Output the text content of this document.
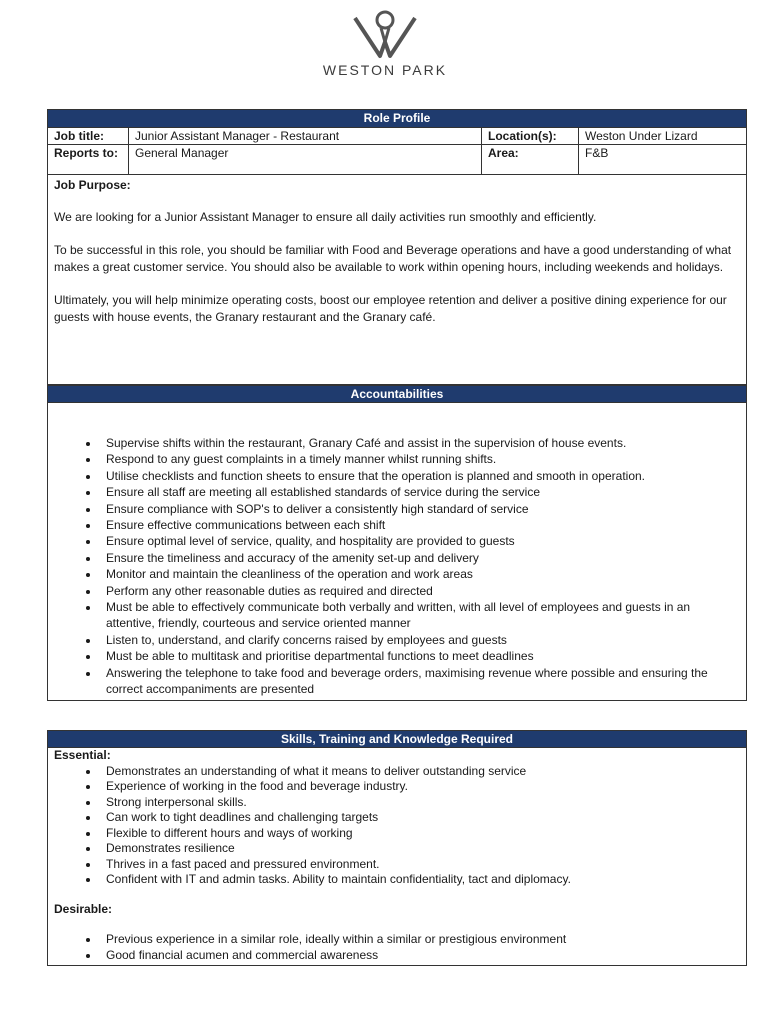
WESTON PARK
Role Profile			
Job title:	Junior Assistant Manager - Restaurant	Location(s):	Weston Under Lizard
Reports to:	General Manager	Area:	F&B

Job Purpose:

We are looking for a Junior Assistant Manager to ensure all daily activities run smoothly and efficiently.

To be successful in this role, you should be familiar with Food and Beverage operations and have a good understanding of what makes a great customer service. You should also be available to work within opening hours, including weekends and holidays.

Ultimately, you will help minimize operating costs, boost our employee retention and deliver a positive dining experience for our guests with house events, the Granary restaurant and the Granary café.			

Accountabilities

• Supervise shifts within the restaurant, Granary Café and assist in the supervision of house events.
• Respond to any guest complaints in a timely manner whilst running shifts.
• Utilise checklists and function sheets to ensure that the operation is planned and smooth in operation.
• Ensure all staff are meeting all established standards of service during the service
• Ensure compliance with SOP's to deliver a consistently high standard of service
• Ensure effective communications between each shift
• Ensure optimal level of service, quality, and hospitality are provided to guests
• Ensure the timeliness and accuracy of the amenity set-up and delivery
• Monitor and maintain the cleanliness of the operation and work areas
• Perform any other reasonable duties as required and directed
• Must be able to effectively communicate both verbally and written, with all level of employees and guests in an attentive, friendly, courteous and service oriented manner
• Listen to, understand, and clarify concerns raised by employees and guests
• Must be able to multitask and prioritise departmental functions to meet deadlines
• Answering the telephone to take food and beverage orders, maximising revenue where possible and ensuring the correct accompaniments are presented
Skills, Training and Knowledge Required

Essential:
• Demonstrates an understanding of what it means to deliver outstanding service
• Experience of working in the food and beverage industry.
• Strong interpersonal skills.
• Can work to tight deadlines and challenging targets
• Flexible to different hours and ways of working
• Demonstrates resilience
• Thrives in a fast paced and pressured environment.
• Confident with IT and admin tasks. Ability to maintain confidentiality, tact and diplomacy.
Desirable:
• Previous experience in a similar role, ideally within a similar or prestigious environment
• Good financial acumen and commercial awareness
